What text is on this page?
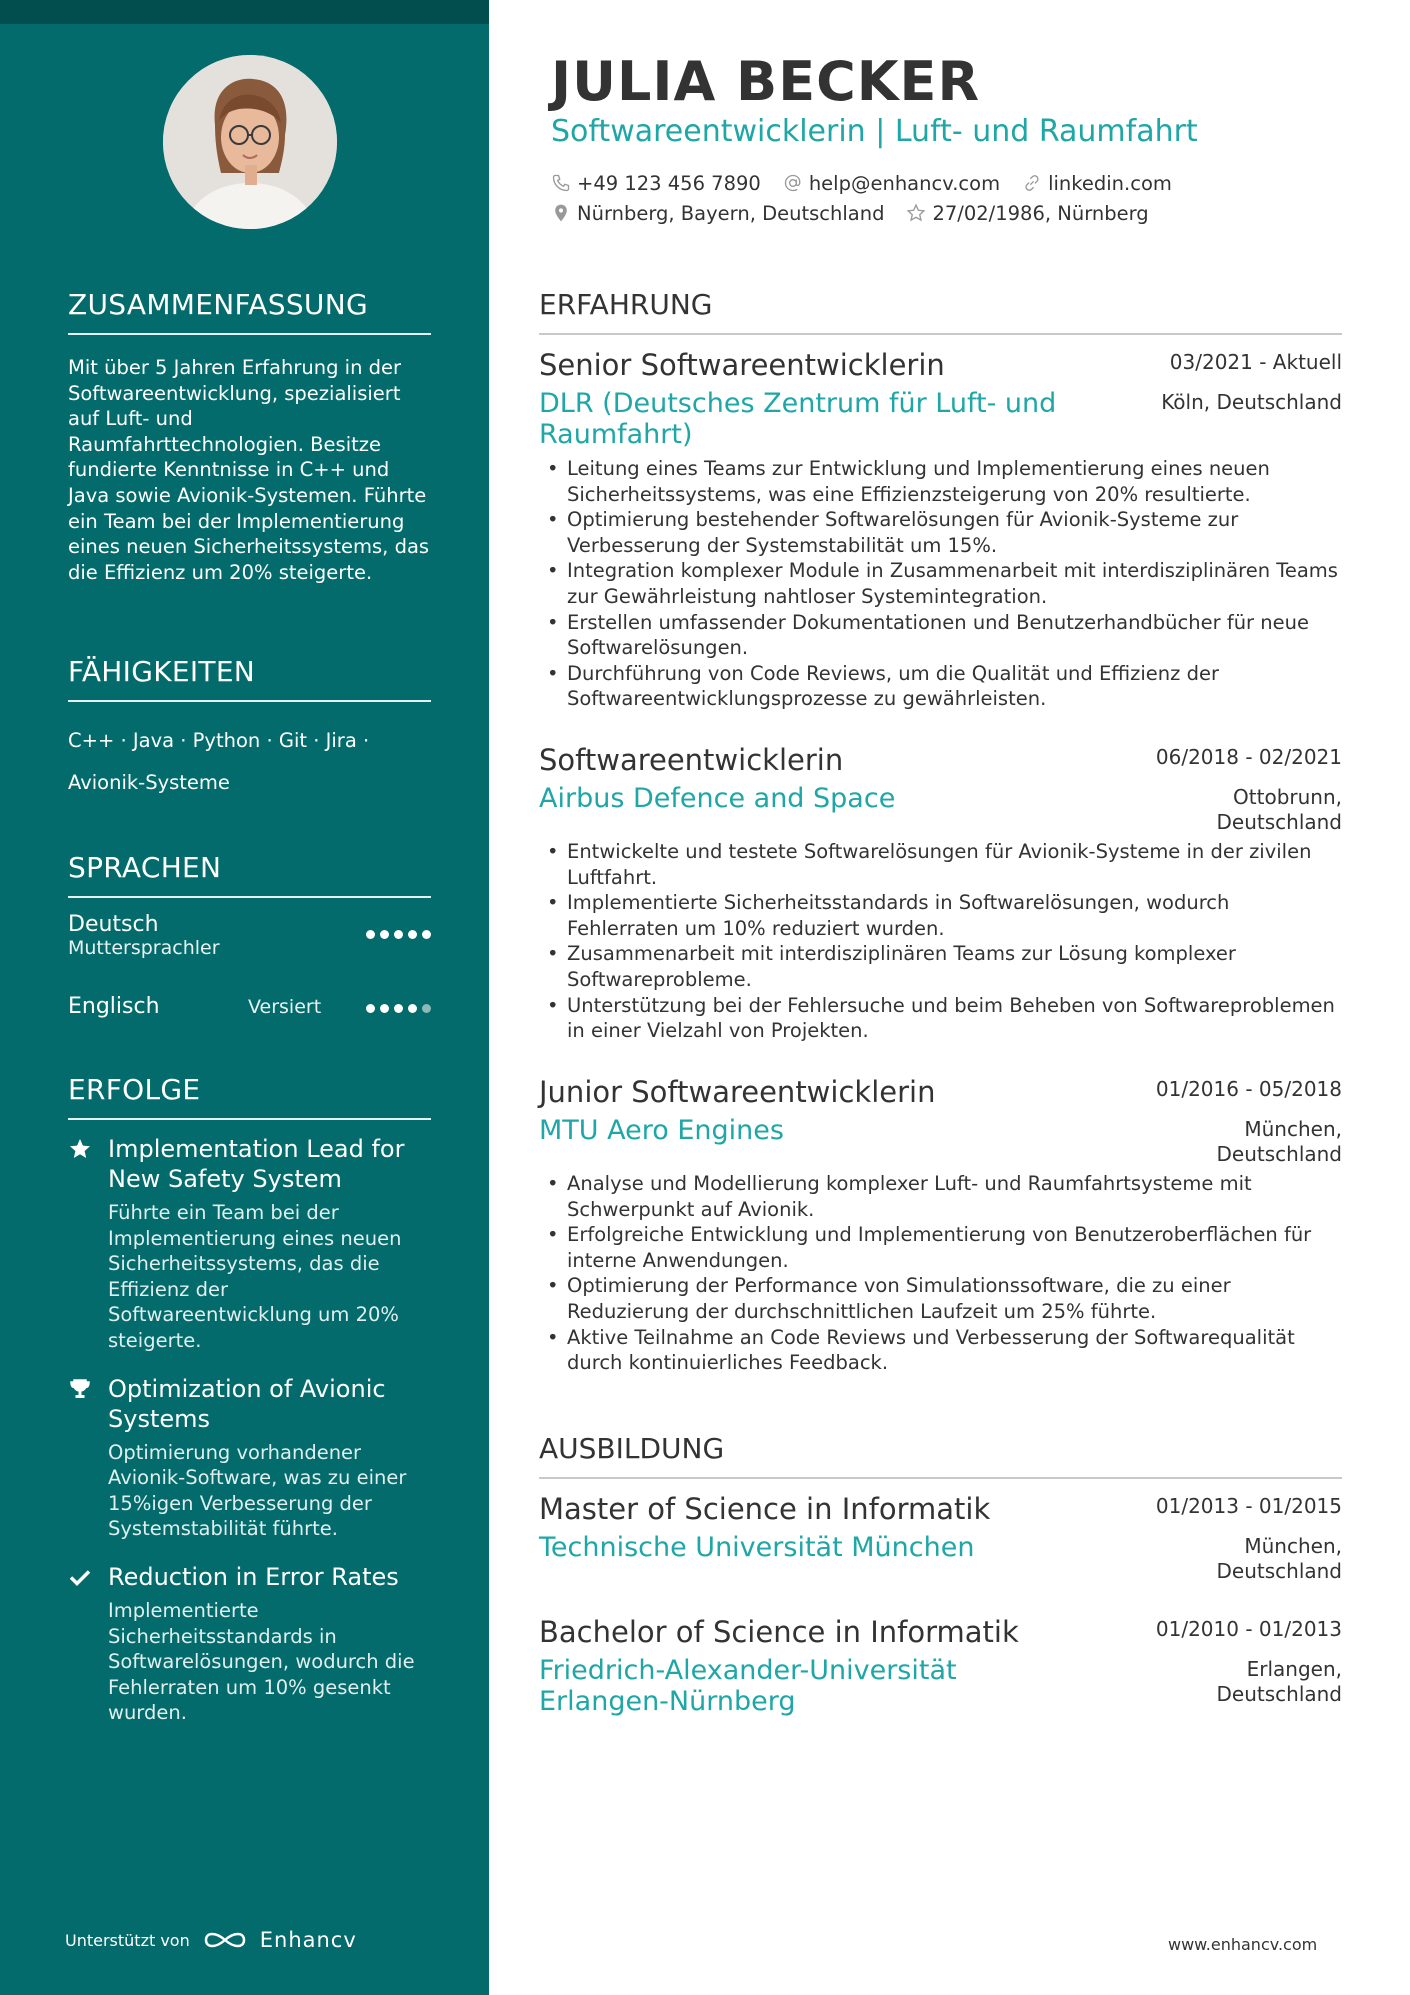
ZUSAMMENFASSUNG
Mit über 5 Jahren Erfahrung in der Softwareentwicklung, spezialisiert auf Luft- und Raumfahrttechnologien. Besitze fundierte Kenntnisse in C++ und Java sowie Avionik-Systemen. Führte ein Team bei der Implementierung eines neuen Sicherheitssystems, das die Effizienz um 20% steigerte.
FÄHIGKEITEN
C++ · Java · Python · Git · Jira · Avionik-Systeme
SPRACHEN
Deutsch
Muttersprachler
Englisch	Versiert
ERFOLGE
Implementation Lead for New Safety System
Führte ein Team bei der Implementierung eines neuen Sicherheitssystems, das die Effizienz der Softwareentwicklung um 20% steigerte.
Optimization of Avionic Systems
Optimierung vorhandener Avionik-Software, was zu einer 15%igen Verbesserung der Systemstabilität führte.
Reduction in Error Rates
Implementierte Sicherheitsstandards in Softwarelösungen, wodurch die Fehlerraten um 10% gesenkt wurden.
Unterstützt von	Enhancv
JULIA BECKER
Softwareentwicklerin | Luft- und Raumfahrt
+49 123 456 7890 help@enhancv.com linkedin.com
Nürnberg, Bayern, Deutschland 27/02/1986, Nürnberg
ERFAHRUNG
Senior Softwareentwicklerin	03/2021 - Aktuell
DLR (Deutsches Zentrum für Luft- und Raumfahrt)
Köln, Deutschland
• Leitung eines Teams zur Entwicklung und Implementierung eines neuen Sicherheitssystems, was eine Effizienzsteigerung von 20% resultierte.
• Optimierung bestehender Softwarelösungen für Avionik-Systeme zur Verbesserung der Systemstabilität um 15%.
• Integration komplexer Module in Zusammenarbeit mit interdisziplinären Teams zur Gewährleistung nahtloser Systemintegration.
• Erstellen umfassender Dokumentationen und Benutzerhandbücher für neue Softwarelösungen.
• Durchführung von Code Reviews, um die Qualität und Effizienz der Softwareentwicklungsprozesse zu gewährleisten.
Softwareentwicklerin	06/2018 - 02/2021
Airbus Defence and Space	Ottobrunn,
Deutschland
• Entwickelte und testete Softwarelösungen für Avionik-Systeme in der zivilen Luftfahrt.
• Implementierte Sicherheitsstandards in Softwarelösungen, wodurch Fehlerraten um 10% reduziert wurden.
• Zusammenarbeit mit interdisziplinären Teams zur Lösung komplexer Softwareprobleme.
• Unterstützung bei der Fehlersuche und beim Beheben von Softwareproblemen in einer Vielzahl von Projekten.
Junior Softwareentwicklerin	01/2016 - 05/2018
MTU Aero Engines	München,
Deutschland
• Analyse und Modellierung komplexer Luft- und Raumfahrtsysteme mit Schwerpunkt auf Avionik.
• Erfolgreiche Entwicklung und Implementierung von Benutzeroberflächen für interne Anwendungen.
• Optimierung der Performance von Simulationssoftware, die zu einer Reduzierung der durchschnittlichen Laufzeit um 25% führte.
• Aktive Teilnahme an Code Reviews und Verbesserung der Softwarequalität durch kontinuierliches Feedback.
AUSBILDUNG
Master of Science in Informatik	01/2013 - 01/2015
Technische Universität München	München,
Deutschland
Bachelor of Science in Informatik	01/2010 - 01/2013
Friedrich-Alexander-Universität Erlangen-Nürnberg
Erlangen,
Deutschland
www.enhancv.com
